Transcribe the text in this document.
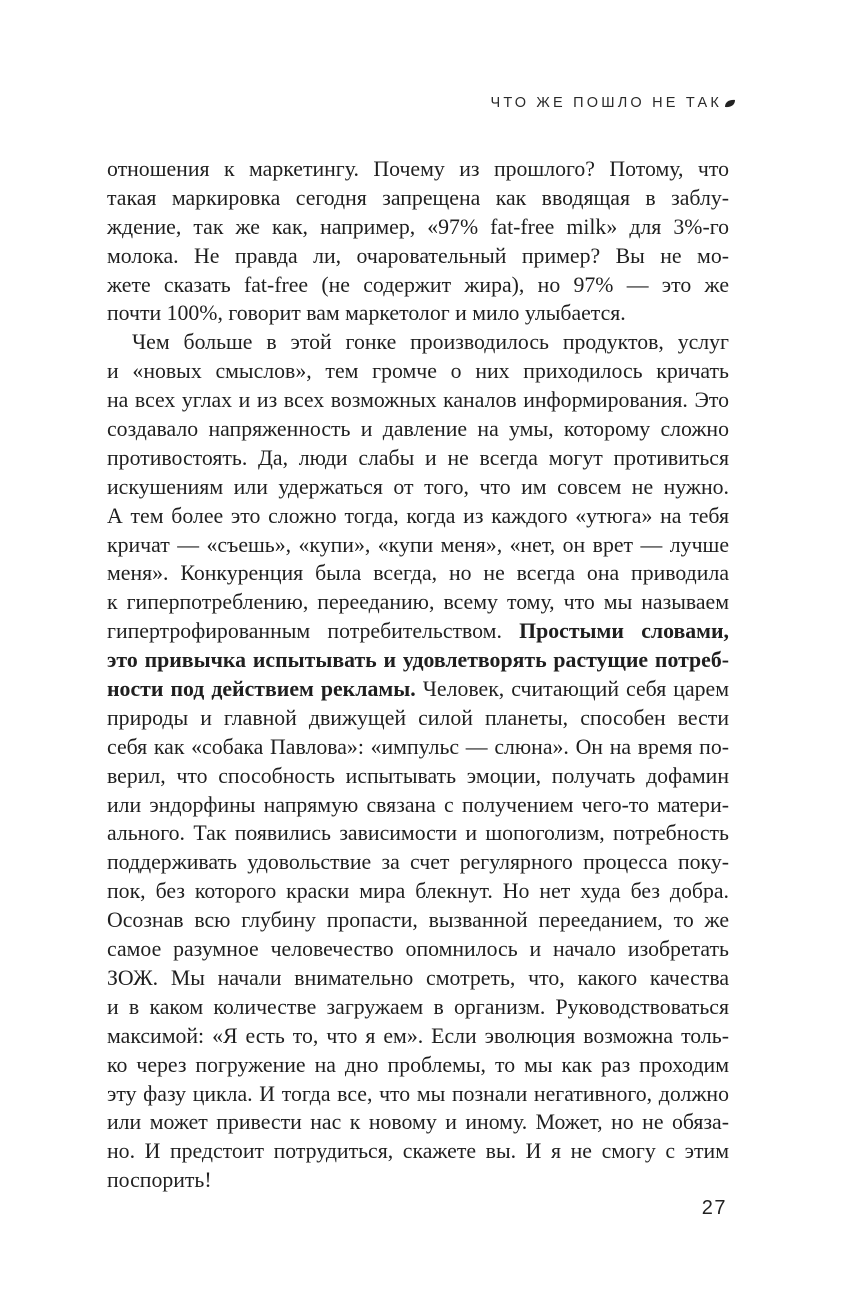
ЧТО ЖЕ ПОШЛО НЕ ТАК
отношения к маркетингу. Почему из прошлого? Потому, что
такая маркировка сегодня запрещена как вводящая в заблу-
ждение, так же как, например, «97% fat-free milk» для 3%-го
молока. Не правда ли, очаровательный пример? Вы не мо-
жете сказать fat-free (не содержит жира), но 97% — это же
почти 100%, говорит вам маркетолог и мило улыбается.
Чем больше в этой гонке производилось продуктов, услуг
и «новых смыслов», тем громче о них приходилось кричать
на всех углах и из всех возможных каналов информирования. Это
создавало напряженность и давление на умы, которому сложно
противостоять. Да, люди слабы и не всегда могут противиться
искушениям или удержаться от того, что им совсем не нужно.
А тем более это сложно тогда, когда из каждого «утюга» на тебя
кричат — «съешь», «купи», «купи меня», «нет, он врет — лучше
меня». Конкуренция была всегда, но не всегда она приводила
к гиперпотреблению, перееданию, всему тому, что мы называем
гипертрофированным потребительством. Простыми словами,
это привычка испытывать и удовлетворять растущие потреб-
ности под действием рекламы. Человек, считающий себя царем
природы и главной движущей силой планеты, способен вести
себя как «собака Павлова»: «импульс — слюна». Он на время по-
верил, что способность испытывать эмоции, получать дофамин
или эндорфины напрямую связана с получением чего-то матери-
ального. Так появились зависимости и шопоголизм, потребность
поддерживать удовольствие за счет регулярного процесса поку-
пок, без которого краски мира блекнут. Но нет худа без добра.
Осознав всю глубину пропасти, вызванной перееданием, то же
самое разумное человечество опомнилось и начало изобретать
ЗОЖ. Мы начали внимательно смотреть, что, какого качества
и в каком количестве загружаем в организм. Руководствоваться
максимой: «Я есть то, что я ем». Если эволюция возможна толь-
ко через погружение на дно проблемы, то мы как раз проходим
эту фазу цикла. И тогда все, что мы познали негативного, должно
или может привести нас к новому и иному. Может, но не обяза-
но. И предстоит потрудиться, скажете вы. И я не смогу с этим
поспорить!
27
